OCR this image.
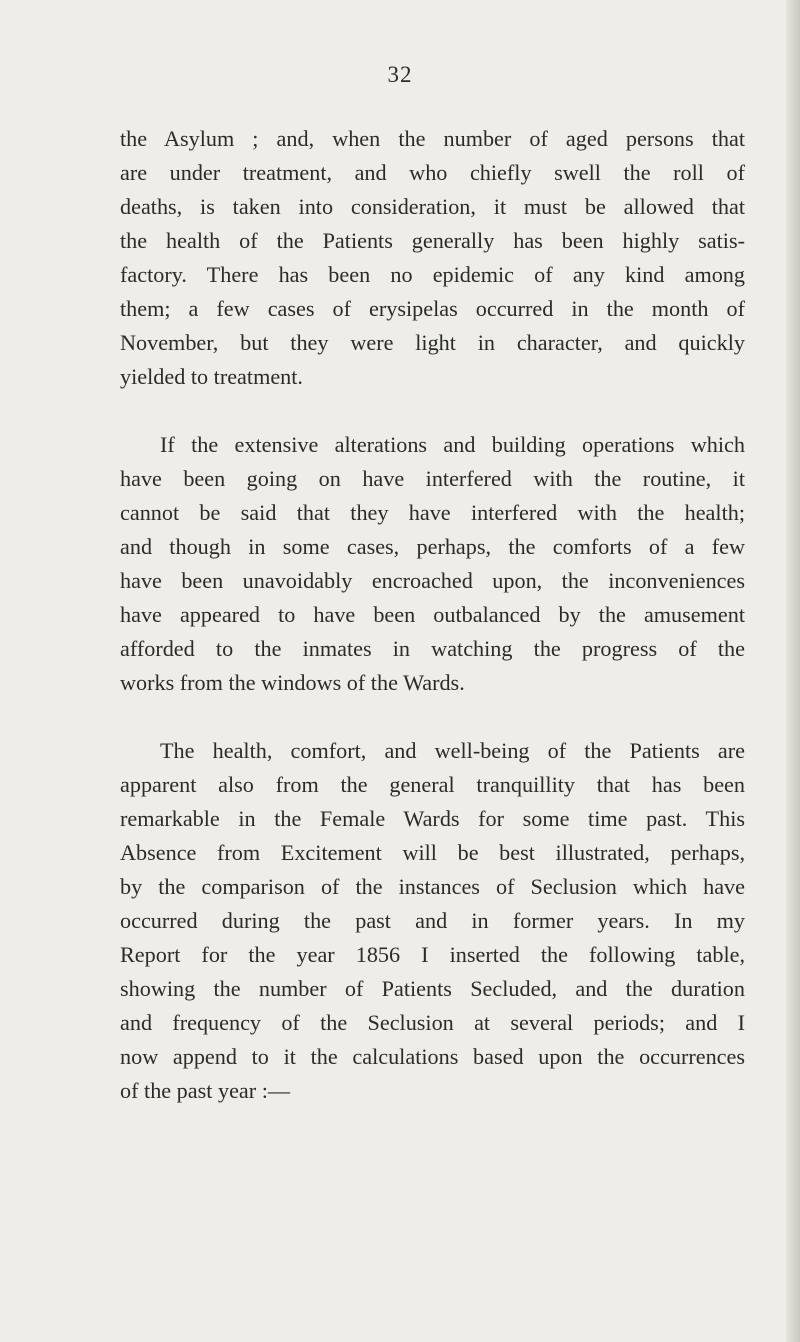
32

the Asylum ; and, when the number of aged persons that
are under treatment, and who chiefly swell the roll of
deaths, is taken into consideration, it must be allowed that
the health of the Patients generally has been highly satis-
factory. There has been no epidemic of any kind among
them; a few cases of erysipelas occurred in the month of
November, but they were light in character, and quickly
yielded to treatment.

If the extensive alterations and building operations which
have been going on have interfered with the routine, it
cannot be said that they have interfered with the health;
and though in some cases, perhaps, the comforts of a few
have been unavoidably encroached upon, the inconveniences
have appeared to have been outbalanced by the amusement
afforded to the inmates in watching the progress of the
works from the windows of the Wards.

The health, comfort, and well-being of the Patients are
apparent also from the general tranquillity that has been
remarkable in the Female Wards for some time past. This
Absence from Excitement will be best illustrated, perhaps,
by the comparison of the instances of Seclusion which have
occurred during the past and in former years. In my
Report for the year 1856 I inserted the following table,
showing the number of Patients Secluded, and the duration
and frequency of the Seclusion at several periods; and I
now append to it the calculations based upon the occurrences
of the past year :—
